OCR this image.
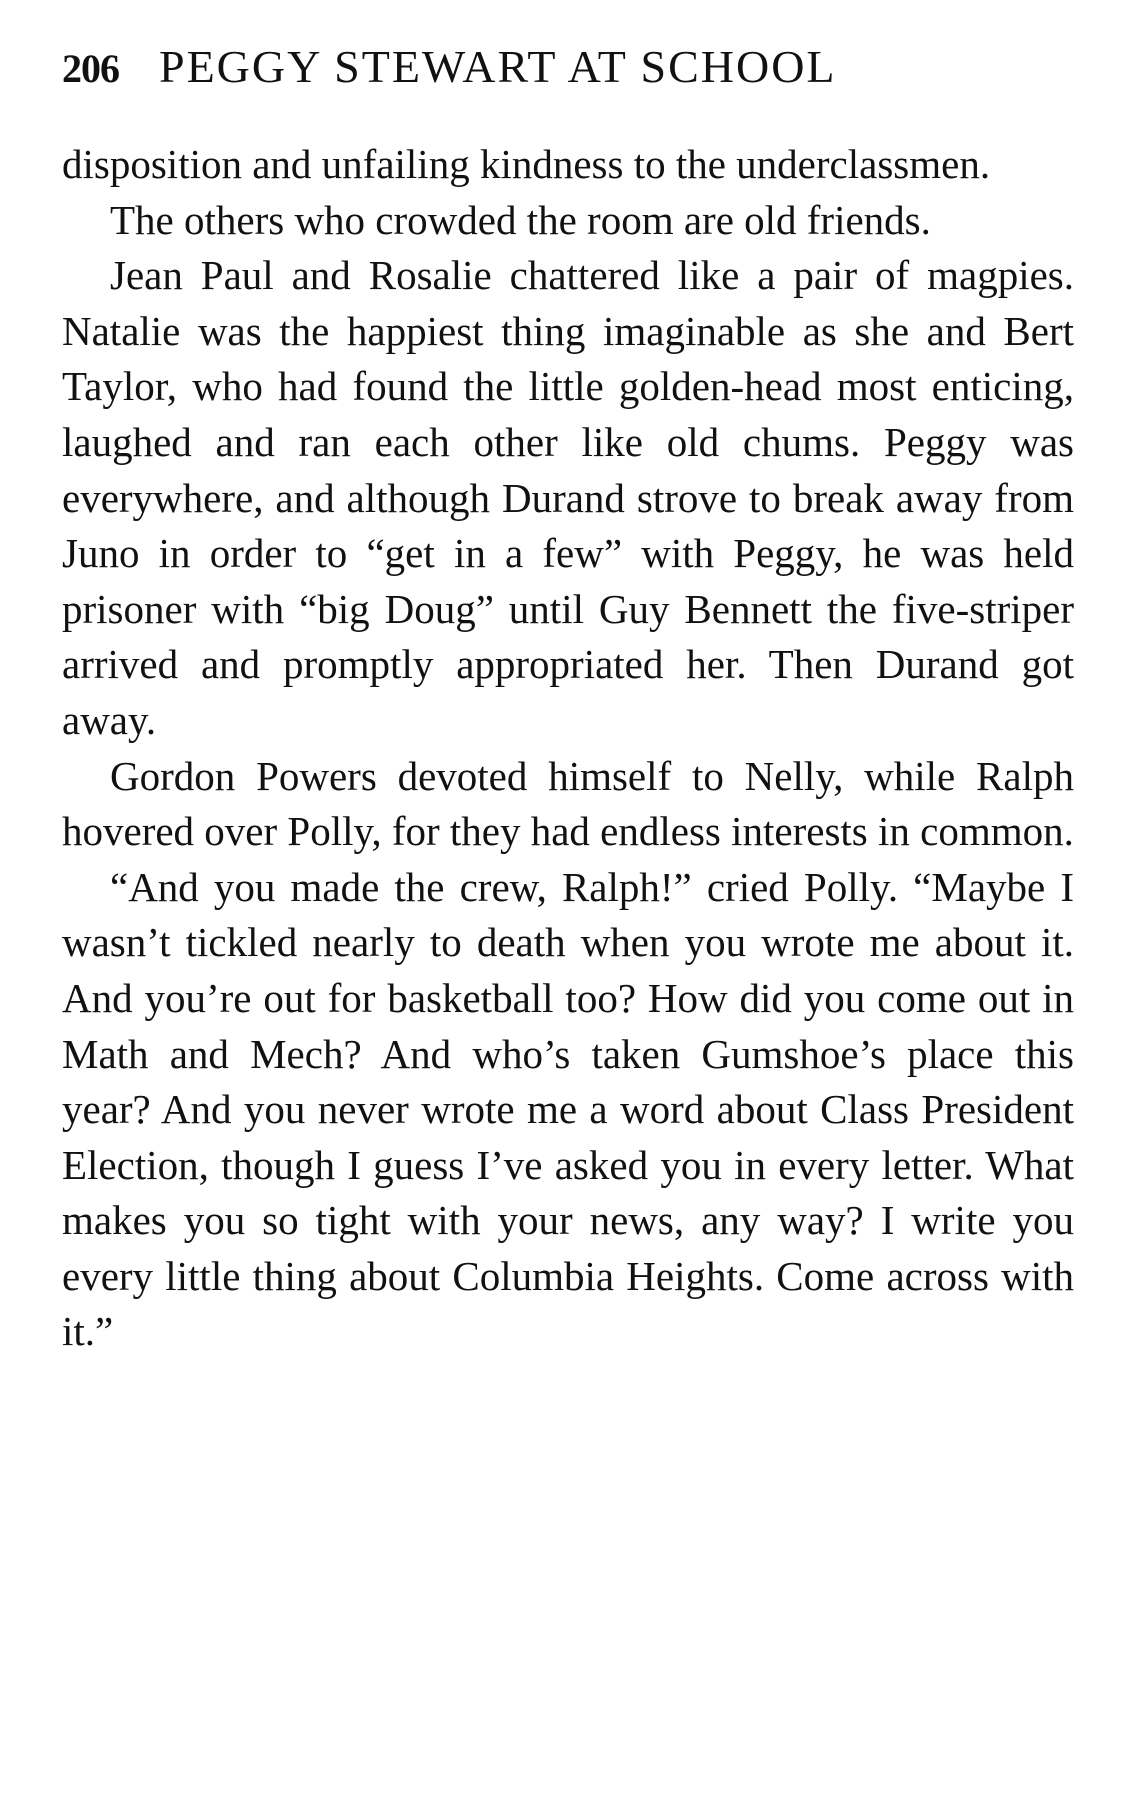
206 PEGGY STEWART AT SCHOOL

disposition and unfailing kindness to the underclassmen.

The others who crowded the room are old friends.

Jean Paul and Rosalie chattered like a pair of magpies. Natalie was the happiest thing imaginable as she and Bert Taylor, who had found the little golden-head most enticing, laughed and ran each other like old chums. Peggy was everywhere, and although Durand strove to break away from Juno in order to “get in a few” with Peggy, he was held prisoner with “big Doug” until Guy Bennett the five-striper arrived and promptly appropriated her. Then Durand got away.

Gordon Powers devoted himself to Nelly, while Ralph hovered over Polly, for they had endless interests in common.

“And you made the crew, Ralph!” cried Polly. “Maybe I wasn’t tickled nearly to death when you wrote me about it. And you’re out for basketball too? How did you come out in Math and Mech? And who’s taken Gumshoe’s place this year? And you never wrote me a word about Class President Election, though I guess I’ve asked you in every letter. What makes you so tight with your news, any way? I write you every little thing about Columbia Heights. Come across with it.”
